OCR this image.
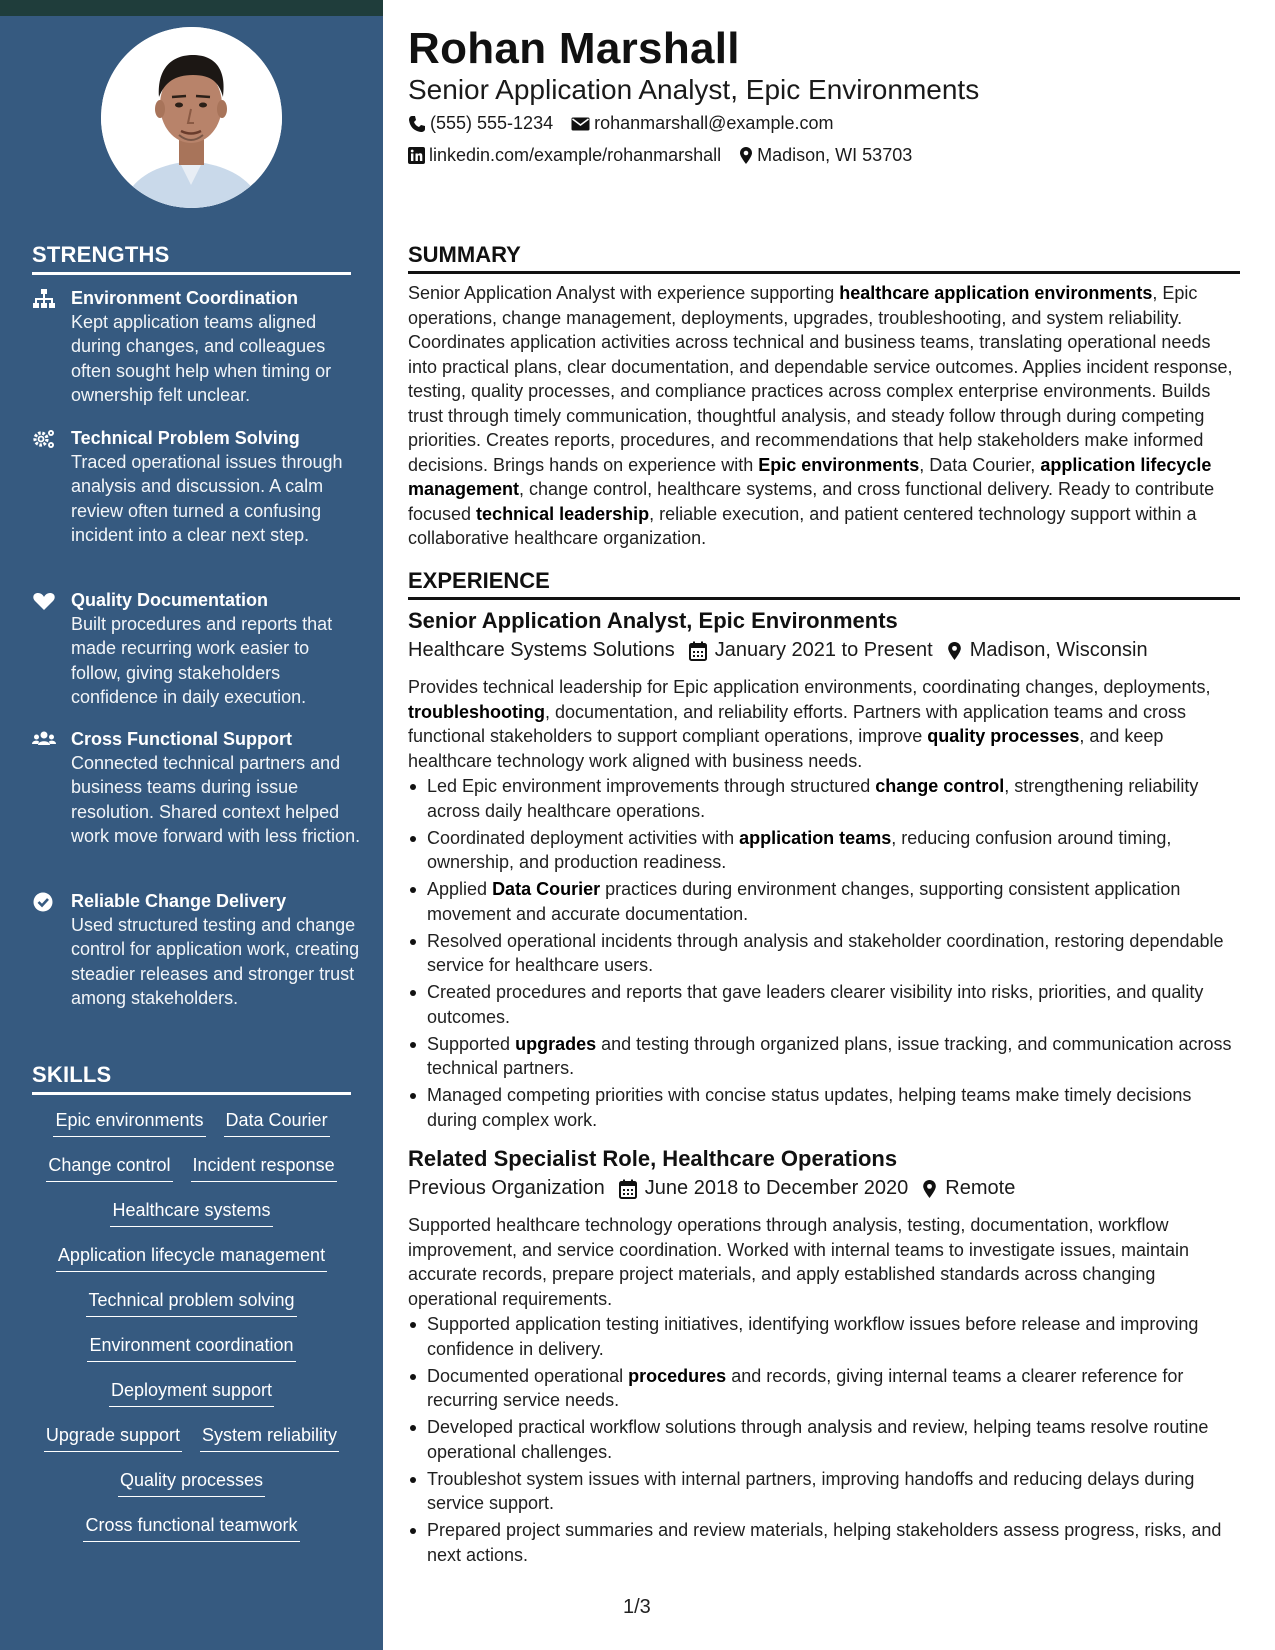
STRENGTHS
Environment Coordination
Kept application teams aligned during changes, and colleagues often sought help when timing or ownership felt unclear.
Technical Problem Solving
Traced operational issues through analysis and discussion. A calm review often turned a confusing incident into a clear next step.
Quality Documentation
Built procedures and reports that made recurring work easier to follow, giving stakeholders confidence in daily execution.
Cross Functional Support
Connected technical partners and business teams during issue resolution. Shared context helped work move forward with less friction.
Reliable Change Delivery
Used structured testing and change control for application work, creating steadier releases and stronger trust among stakeholders.
SKILLS
Epic environments Data Courier
Change control Incident response
Healthcare systems
Application lifecycle management
Technical problem solving
Environment coordination
Deployment support
Upgrade support System reliability
Quality processes
Cross functional teamwork
Rohan Marshall
Senior Application Analyst, Epic Environments
(555) 555-1234 rohanmarshall@example.com
linkedin.com/example/rohanmarshall Madison, WI 53703
SUMMARY
Senior Application Analyst with experience supporting healthcare application environments, Epic operations, change management, deployments, upgrades, troubleshooting, and system reliability. Coordinates application activities across technical and business teams, translating operational needs into practical plans, clear documentation, and dependable service outcomes. Applies incident response, testing, quality processes, and compliance practices across complex enterprise environments. Builds trust through timely communication, thoughtful analysis, and steady follow through during competing priorities. Creates reports, procedures, and recommendations that help stakeholders make informed decisions. Brings hands on experience with Epic environments, Data Courier, application lifecycle management, change control, healthcare systems, and cross functional delivery. Ready to contribute focused technical leadership, reliable execution, and patient centered technology support within a collaborative healthcare organization.
EXPERIENCE
Senior Application Analyst, Epic Environments
Healthcare Systems Solutions January 2021 to Present Madison, Wisconsin
Provides technical leadership for Epic application environments, coordinating changes, deployments, troubleshooting, documentation, and reliability efforts. Partners with application teams and cross functional stakeholders to support compliant operations, improve quality processes, and keep healthcare technology work aligned with business needs.
Led Epic environment improvements through structured change control, strengthening reliability across daily healthcare operations.
Coordinated deployment activities with application teams, reducing confusion around timing, ownership, and production readiness.
Applied Data Courier practices during environment changes, supporting consistent application movement and accurate documentation.
Resolved operational incidents through analysis and stakeholder coordination, restoring dependable service for healthcare users.
Created procedures and reports that gave leaders clearer visibility into risks, priorities, and quality outcomes.
Supported upgrades and testing through organized plans, issue tracking, and communication across technical partners.
Managed competing priorities with concise status updates, helping teams make timely decisions during complex work.
Related Specialist Role, Healthcare Operations
Previous Organization June 2018 to December 2020 Remote
Supported healthcare technology operations through analysis, testing, documentation, workflow improvement, and service coordination. Worked with internal teams to investigate issues, maintain accurate records, prepare project materials, and apply established standards across changing operational requirements.
Supported application testing initiatives, identifying workflow issues before release and improving confidence in delivery.
Documented operational procedures and records, giving internal teams a clearer reference for recurring service needs.
Developed practical workflow solutions through analysis and review, helping teams resolve routine operational challenges.
Troubleshot system issues with internal partners, improving handoffs and reducing delays during service support.
Prepared project summaries and review materials, helping stakeholders assess progress, risks, and next actions.
1/3
